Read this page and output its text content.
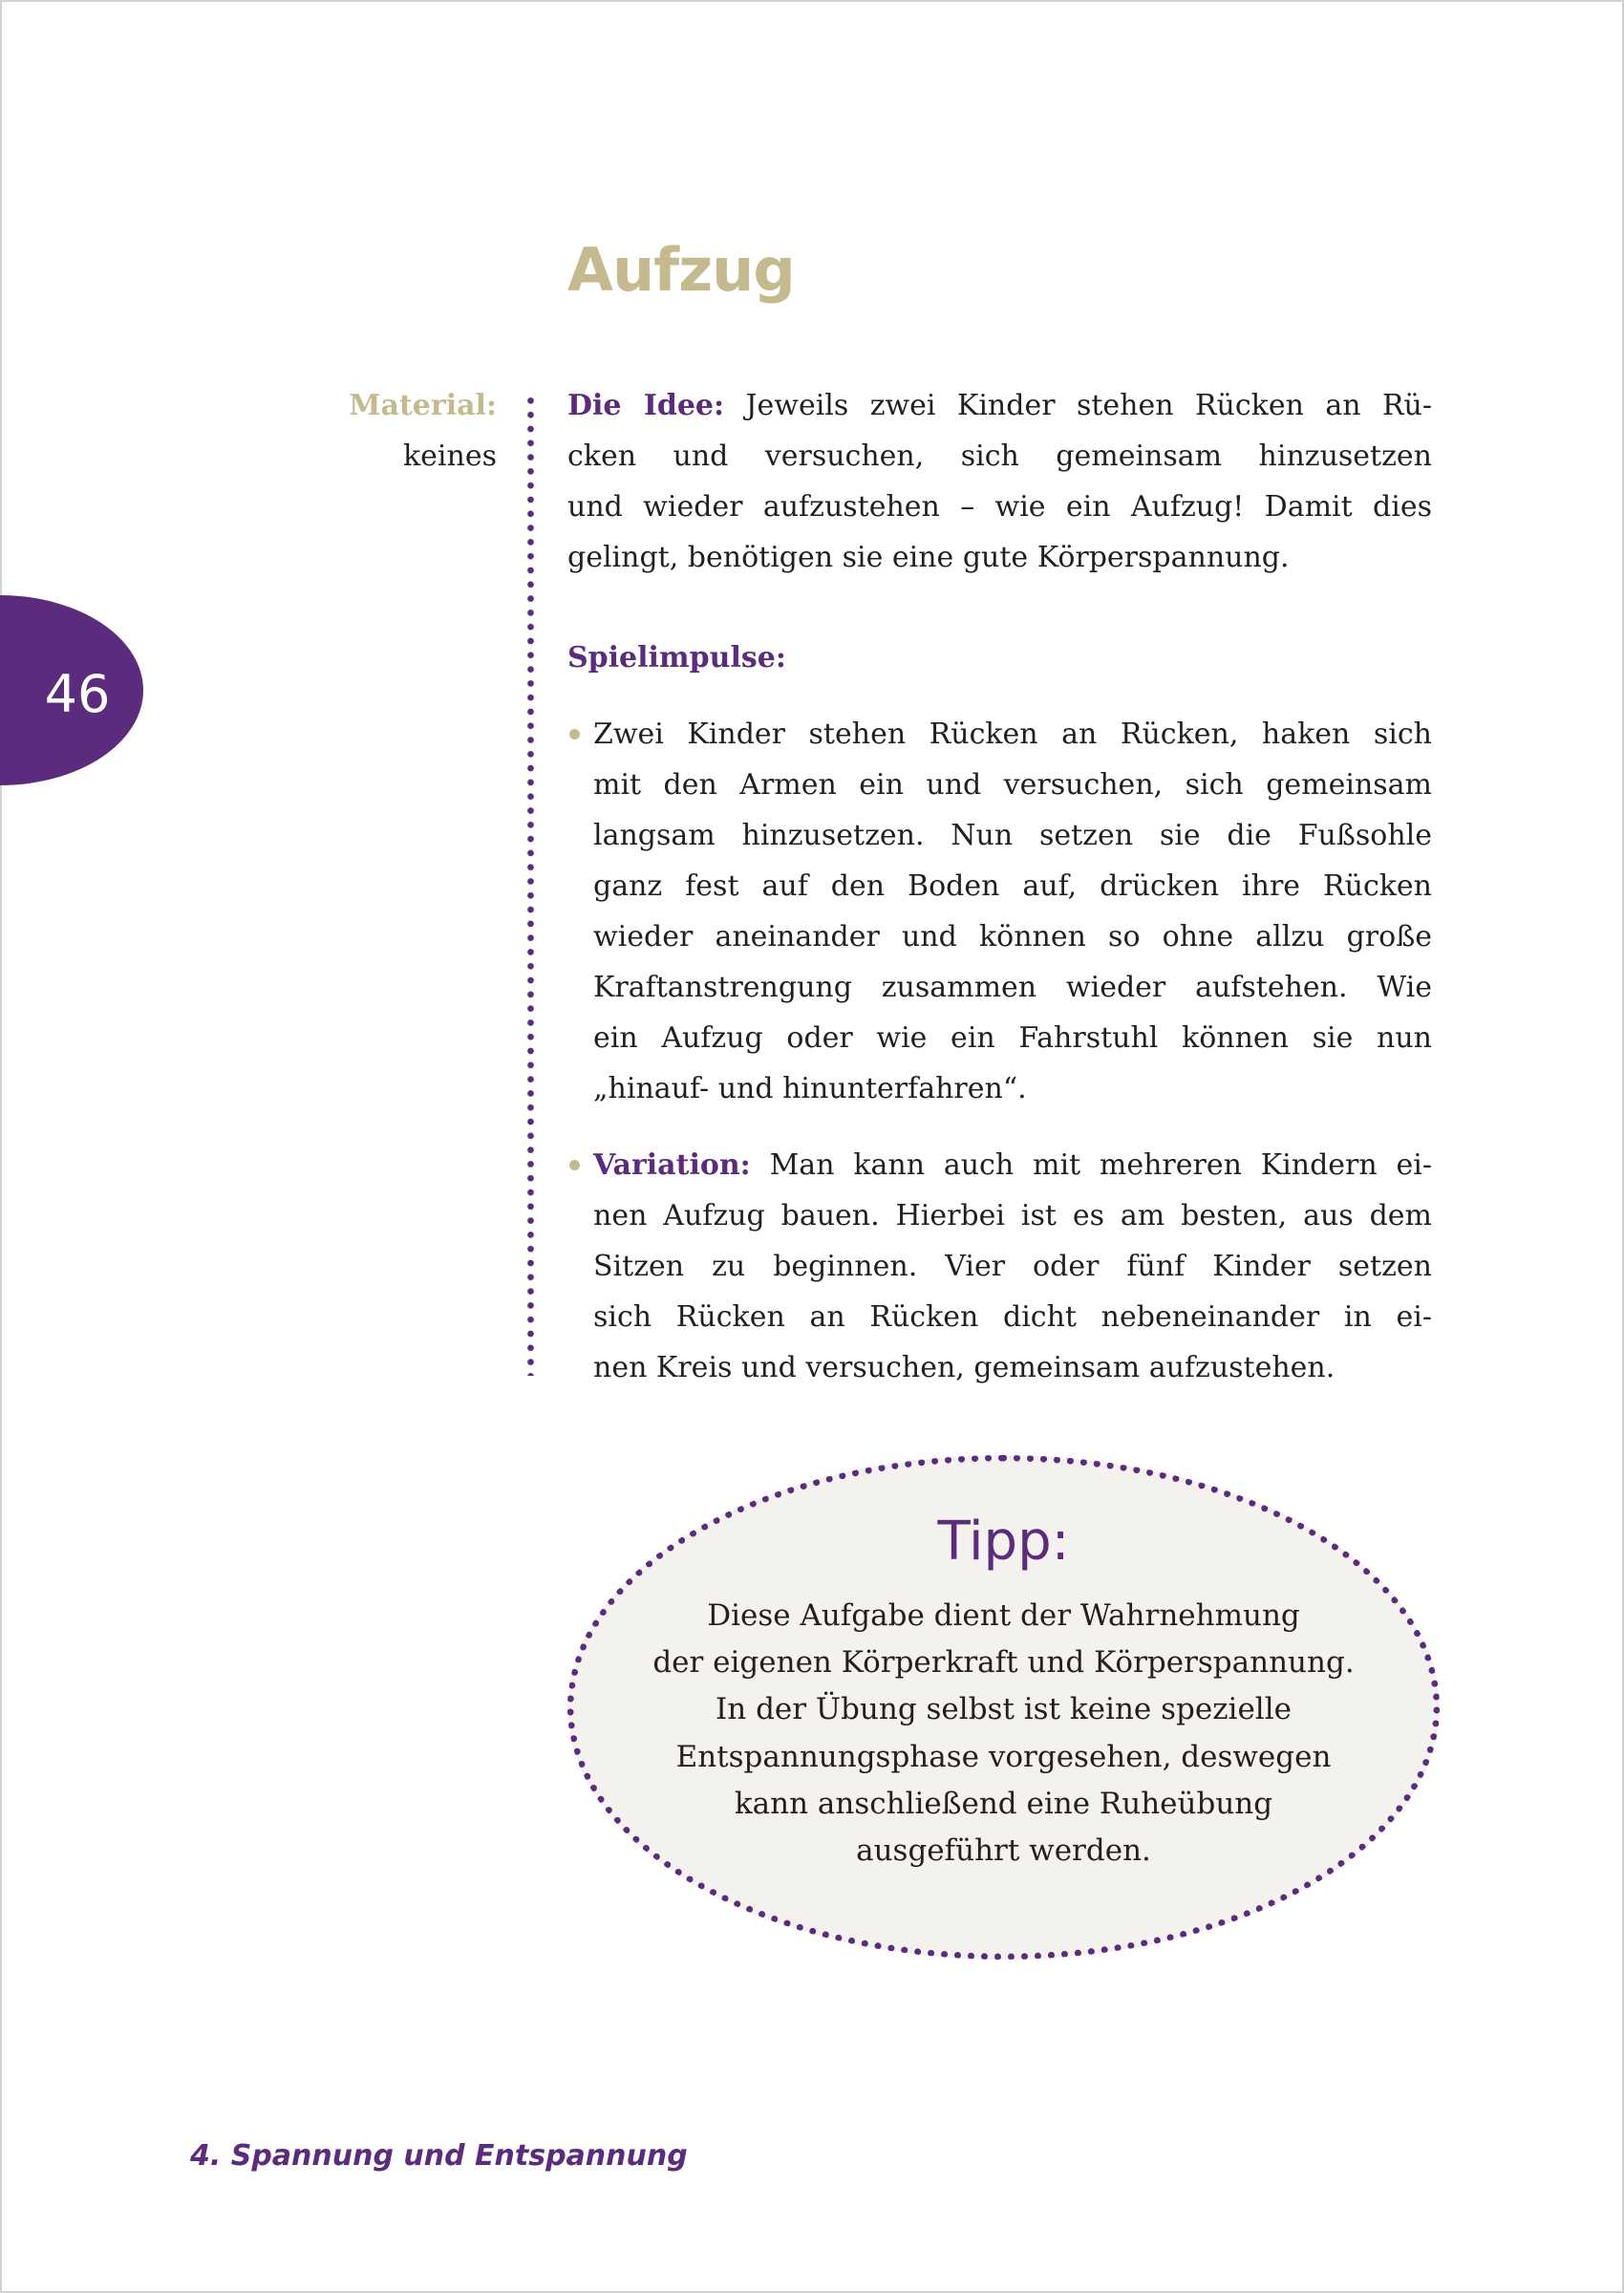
46
Aufzug
Material:
keines
Die Idee: Jeweils zwei Kinder stehen Rücken an Rü-
cken und versuchen, sich gemeinsam hinzusetzen
und wieder aufzustehen – wie ein Aufzug! Damit dies
gelingt, benötigen sie eine gute Körperspannung.
Spielimpulse:
Zwei Kinder stehen Rücken an Rücken, haken sich
mit den Armen ein und versuchen, sich gemeinsam
langsam hinzusetzen. Nun setzen sie die Fußsohle
ganz fest auf den Boden auf, drücken ihre Rücken
wieder aneinander und können so ohne allzu große
Kraftanstrengung zusammen wieder aufstehen. Wie
ein Aufzug oder wie ein Fahrstuhl können sie nun
„hinauf- und hinunterfahren“.
Variation: Man kann auch mit mehreren Kindern ei-
nen Aufzug bauen. Hierbei ist es am besten, aus dem
Sitzen zu beginnen. Vier oder fünf Kinder setzen
sich Rücken an Rücken dicht nebeneinander in ei-
nen Kreis und versuchen, gemeinsam aufzustehen.
Tipp:
Diese Aufgabe dient der Wahrnehmung
der eigenen Körperkraft und Körperspannung.
In der Übung selbst ist keine spezielle
Entspannungsphase vorgesehen, deswegen
kann anschließend eine Ruheübung
ausgeführt werden.
4. Spannung und Entspannung
